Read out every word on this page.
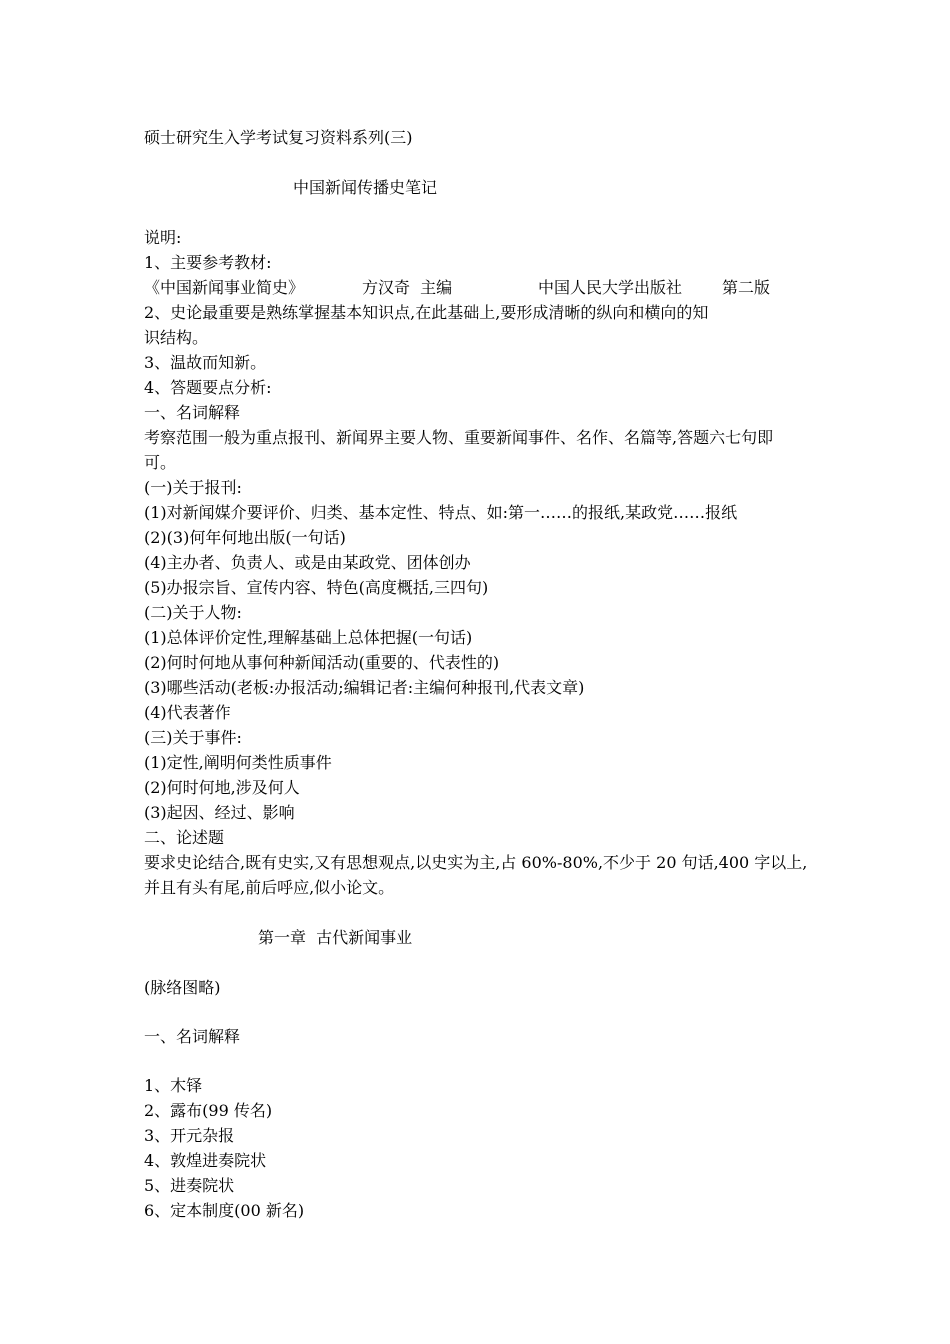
硕士研究生入学考试复习资料系列(三)
中国新闻传播史笔记
说明:
1、主要参考教材:
《中国新闻事业简史》	方汉奇  主编	中国人民大学出版社 第二版
2、史论最重要是熟练掌握基本知识点,在此基础上,要形成清晰的纵向和横向的知
识结构。
3、温故而知新。
4、答题要点分析:
一、名词解释
考察范围一般为重点报刊、新闻界主要人物、重要新闻事件、名作、名篇等,答题六七句即
可。
(一)关于报刊:
(1)对新闻媒介要评价、归类、基本定性、特点、如:第一……的报纸,某政党……报纸
(2)(3)何年何地出版(一句话)
(4)主办者、负责人、或是由某政党、团体创办
(5)办报宗旨、宣传内容、特色(高度概括,三四句)
(二)关于人物:
(1)总体评价定性,理解基础上总体把握(一句话)
(2)何时何地从事何种新闻活动(重要的、代表性的)
(3)哪些活动(老板:办报活动;编辑记者:主编何种报刊,代表文章)
(4)代表著作
(三)关于事件:
(1)定性,阐明何类性质事件
(2)何时何地,涉及何人
(3)起因、经过、影响
二、论述题
要求史论结合,既有史实,又有思想观点,以史实为主,占 60%-80%,不少于 20 句话,400 字以上,
并且有头有尾,前后呼应,似小论文。
第一章  古代新闻事业
(脉络图略)
一、名词解释
1、木铎
2、露布(99 传名)
3、开元杂报
4、敦煌进奏院状
5、进奏院状
6、定本制度(00 新名)
